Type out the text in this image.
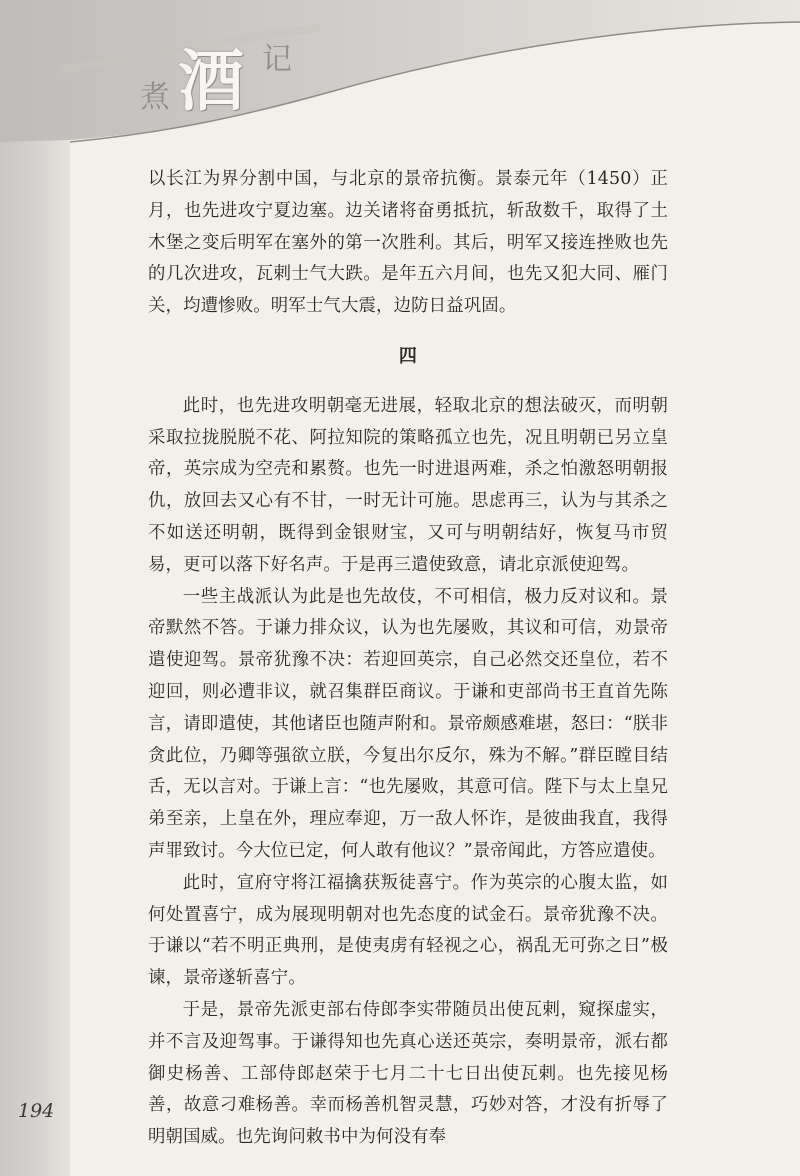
煮 酒 记

以长江为界分割中国，与北京的景帝抗衡。景泰元年（1450）正月，也先进攻宁夏边塞。边关诸将奋勇抵抗，斩敌数千，取得了土木堡之变后明军在塞外的第一次胜利。其后，明军又接连挫败也先的几次进攻，瓦剌士气大跌。是年五六月间，也先又犯大同、雁门关，均遭惨败。明军士气大震，边防日益巩固。

四

此时，也先进攻明朝毫无进展，轻取北京的想法破灭，而明朝采取拉拢脱脱不花、阿拉知院的策略孤立也先，况且明朝已另立皇帝，英宗成为空壳和累赘。也先一时进退两难，杀之怕激怒明朝报仇，放回去又心有不甘，一时无计可施。思虑再三，认为与其杀之不如送还明朝，既得到金银财宝，又可与明朝结好，恢复马市贸易，更可以落下好名声。于是再三遣使致意，请北京派使迎驾。

一些主战派认为此是也先故伎，不可相信，极力反对议和。景帝默然不答。于谦力排众议，认为也先屡败，其议和可信，劝景帝遣使迎驾。景帝犹豫不决：若迎回英宗，自己必然交还皇位，若不迎回，则必遭非议，就召集群臣商议。于谦和吏部尚书王直首先陈言，请即遣使，其他诸臣也随声附和。景帝颇感难堪，怒曰：“朕非贪此位，乃卿等强欲立朕，今复出尔反尔，殊为不解。”群臣瞠目结舌，无以言对。于谦上言：“也先屡败，其意可信。陛下与太上皇兄弟至亲，上皇在外，理应奉迎，万一敌人怀诈，是彼曲我直，我得声罪致讨。今大位已定，何人敢有他议？”景帝闻此，方答应遣使。

此时，宣府守将江福擒获叛徒喜宁。作为英宗的心腹太监，如何处置喜宁，成为展现明朝对也先态度的试金石。景帝犹豫不决。于谦以“若不明正典刑，是使夷虏有轻视之心，祸乱无可弥之日”极谏，景帝遂斩喜宁。

于是，景帝先派吏部右侍郎李实带随员出使瓦剌，窥探虚实，并不言及迎驾事。于谦得知也先真心送还英宗，奏明景帝，派右都御史杨善、工部侍郎赵荣于七月二十七日出使瓦剌。也先接见杨善，故意刁难杨善。幸而杨善机智灵慧，巧妙对答，才没有折辱了明朝国威。也先询问敕书中为何没有奉

194
